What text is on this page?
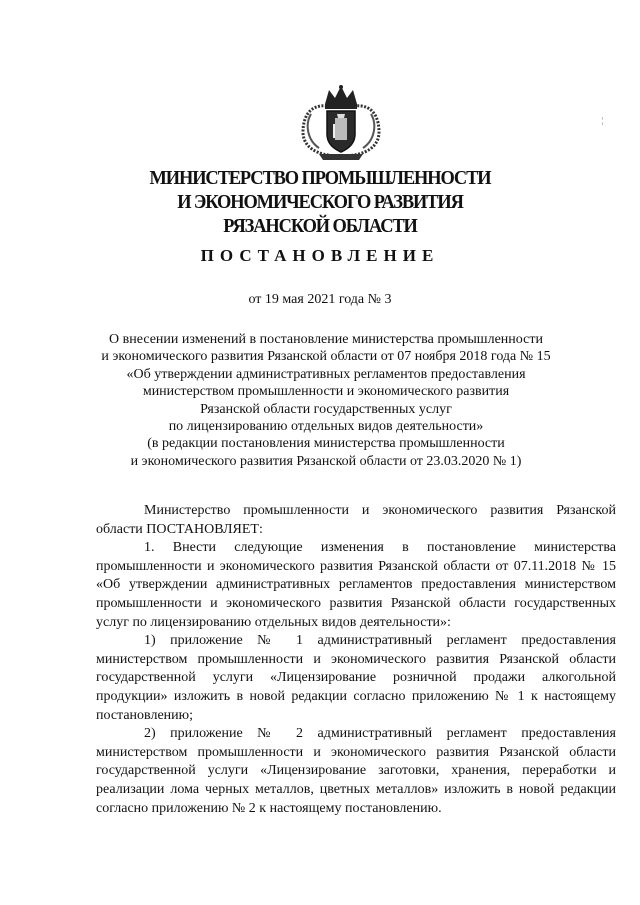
¦
МИНИСТЕРСТВО ПРОМЫШЛЕННОСТИ
И ЭКОНОМИЧЕСКОГО РАЗВИТИЯ
РЯЗАНСКОЙ ОБЛАСТИ
ПОСТАНОВЛЕНИЕ
от 19 мая 2021 года № 3
О внесении изменений в постановление министерства промышленности
и экономического развития Рязанской области от 07 ноября 2018 года № 15
«Об утверждении административных регламентов предоставления
министерством промышленности и экономического развития
Рязанской области государственных услуг
по лицензированию отдельных видов деятельности»
(в редакции постановления министерства промышленности
и экономического развития Рязанской области от 23.03.2020 № 1)

Министерство промышленности и экономического развития Рязанской области ПОСТАНОВЛЯЕТ:

1. Внести следующие изменения в постановление министерства промышленности и экономического развития Рязанской области от 07.11.2018 № 15 «Об утверждении административных регламентов предоставления министерством промышленности и экономического развития Рязанской области государственных услуг по лицензированию отдельных видов деятельности»:

1) приложение № 1 административный регламент предоставления министерством промышленности и экономического развития Рязанской области государственной услуги «Лицензирование розничной продажи алкогольной продукции» изложить в новой редакции согласно приложению № 1 к настоящему постановлению;

2) приложение № 2 административный регламент предоставления министерством промышленности и экономического развития Рязанской области государственной услуги «Лицензирование заготовки, хранения, переработки и реализации лома черных металлов, цветных металлов» изложить в новой редакции согласно приложению № 2 к настоящему постановлению.
